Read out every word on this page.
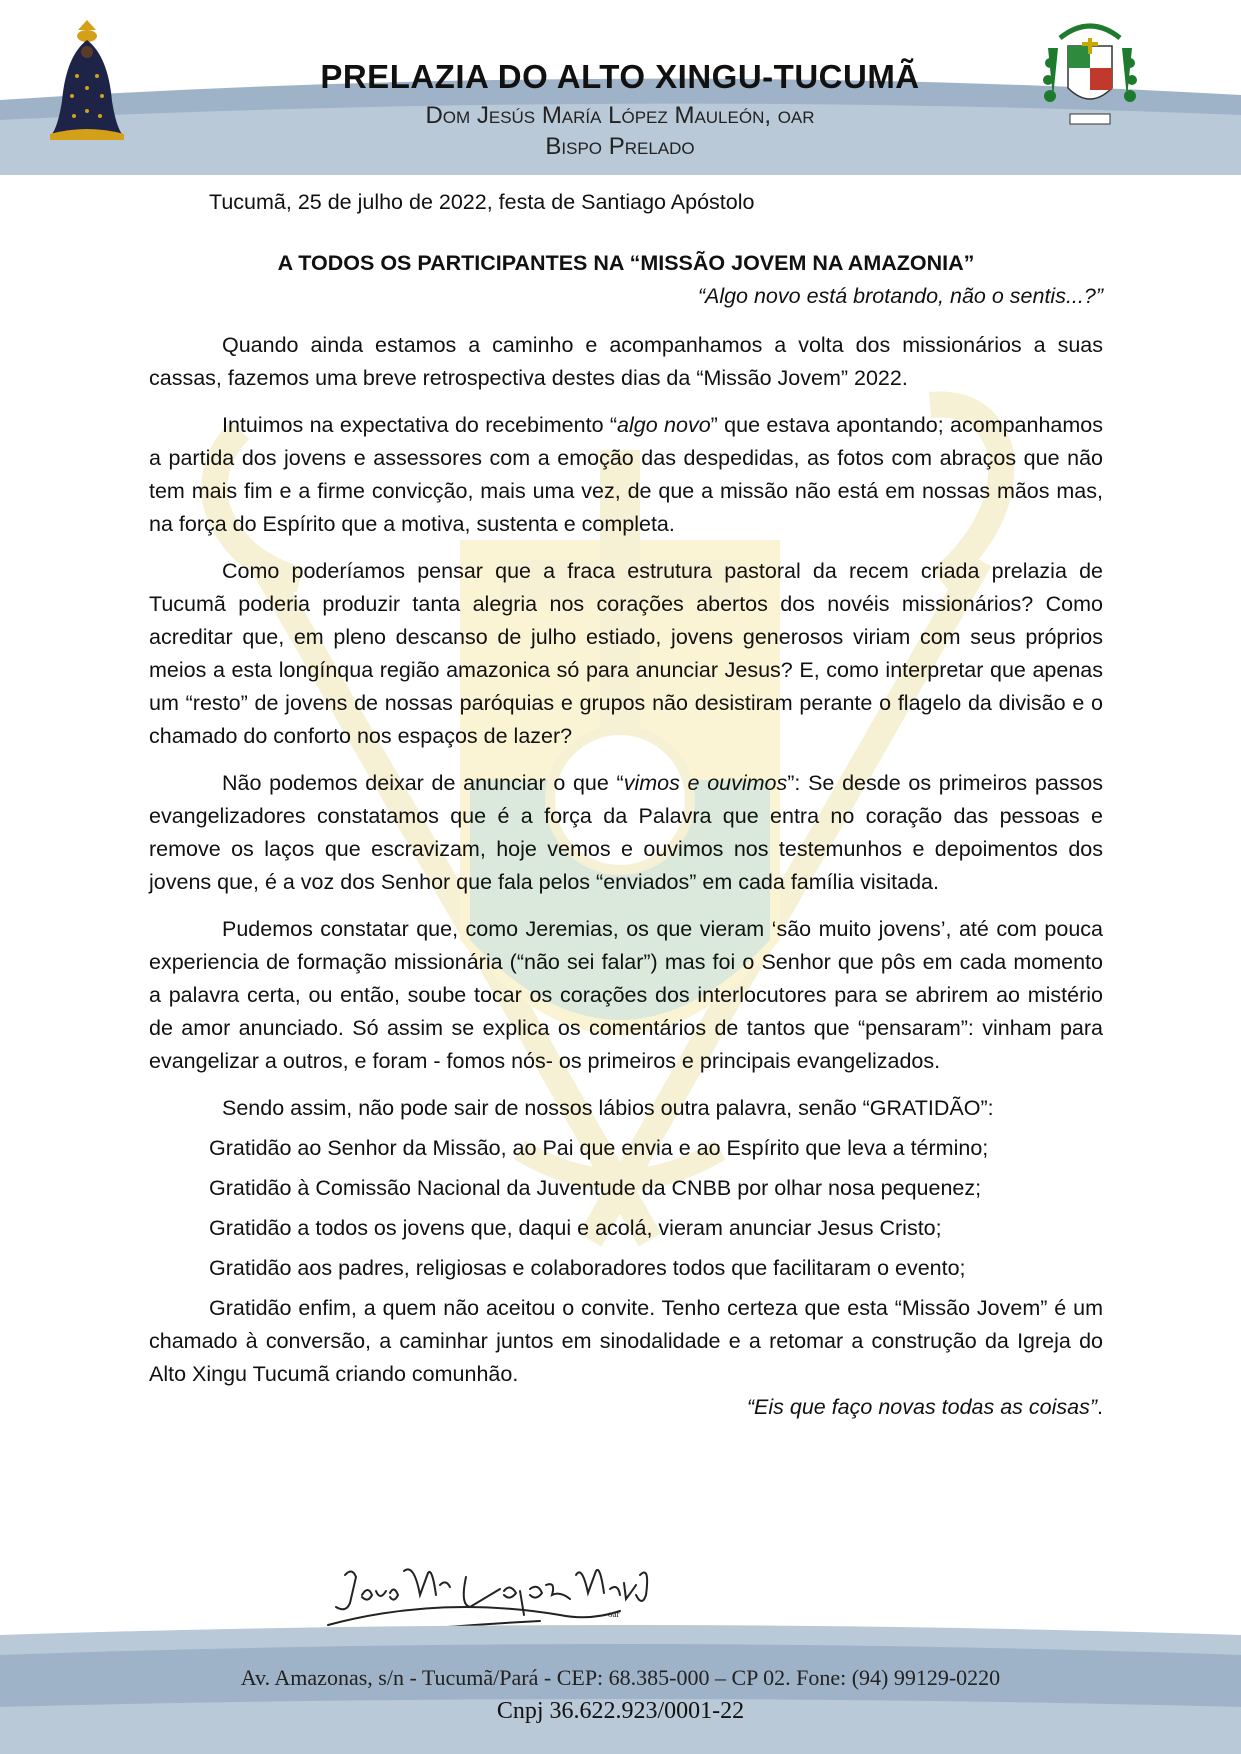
PRELAZIA DO ALTO XINGU-TUCUMÃ
Dom Jesús María López Mauleón, oar
Bispo Prelado
Tucumã, 25 de julho de 2022, festa de Santiago Apóstolo
A TODOS OS PARTICIPANTES NA “MISSÃO JOVEM NA AMAZONIA”
“Algo novo está brotando, não o sentis...?”

Quando ainda estamos a caminho e acompanhamos a volta dos missionários a suas cassas, fazemos uma breve retrospectiva destes dias da “Missão Jovem” 2022.

Intuimos na expectativa do recebimento “algo novo” que estava apontando; acompanhamos a partida dos jovens e assessores com a emoção das despedidas, as fotos com abraços que não tem mais fim e a firme convicção, mais uma vez, de que a missão não está em nossas mãos mas, na força do Espírito que a motiva, sustenta e completa.

Como poderíamos pensar que a fraca estrutura pastoral da recem criada prelazia de Tucumã poderia produzir tanta alegria nos corações abertos dos novéis missionários? Como acreditar que, em pleno descanso de julho estiado, jovens generosos viriam com seus próprios meios a esta longínqua região amazonica só para anunciar Jesus? E, como interpretar que apenas um “resto” de jovens de nossas paróquias e grupos não desistiram perante o flagelo da divisão e o chamado do conforto nos espaços de lazer?

Não podemos deixar de anunciar o que “vimos e ouvimos”: Se desde os primeiros passos evangelizadores constatamos que é a força da Palavra que entra no coração das pessoas e remove os laços que escravizam, hoje vemos e ouvimos nos testemunhos e depoimentos dos jovens que, é a voz dos Senhor que fala pelos “enviados” em cada família visitada.

Pudemos constatar que, como Jeremias, os que vieram ‘são muito jovens’, até com pouca experiencia de formação missionária (“não sei falar”) mas foi o Senhor que pôs em cada momento a palavra certa, ou então, soube tocar os corações dos interlocutores para se abrirem ao mistério de amor anunciado. Só assim se explica os comentários de tantos que “pensaram”: vinham para evangelizar a outros, e foram - fomos nós- os primeiros e principais evangelizados.

Sendo assim, não pode sair de nossos lábios outra palavra, senão “GRATIDÃO”:

Gratidão ao Senhor da Missão, ao Pai que envia e ao Espírito que leva a término;

Gratidão à Comissão Nacional da Juventude da CNBB por olhar nosa pequenez;

Gratidão a todos os jovens que, daqui e acolá, vieram anunciar Jesus Cristo;

Gratidão aos padres, religiosas e colaboradores todos que facilitaram o evento;

Gratidão enfim, a quem não aceitou o convite. Tenho certeza que esta “Missão Jovem” é um chamado à conversão, a caminhar juntos em sinodalidade e a retomar a construção da Igreja do Alto Xingu Tucumã criando comunhão.

“Eis que faço novas todas as coisas”.
oar
Av. Amazonas, s/n - Tucumã/Pará - CEP: 68.385-000 – CP 02. Fone: (94) 99129-0220
Cnpj 36.622.923/0001-22
